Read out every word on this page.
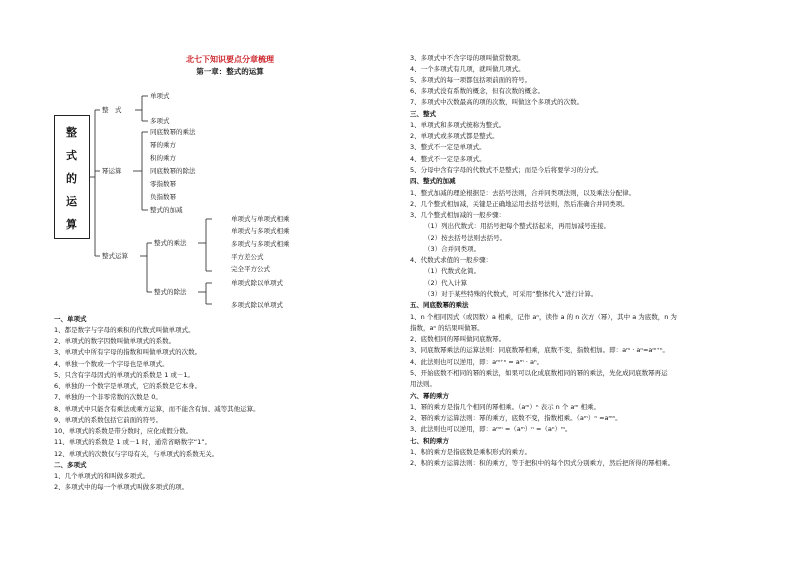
北七下知识要点分章梳理
第一章：整式的运算
整
式
的
运
算
整　式
幂运算
整式运算
单项式
多项式
同底数幂的乘法
幂的乘方
积的乘方
同底数幂的除法
零指数幂
负指数幂
整式的加减
整式的乘法
整式的除法
单项式与单项式相乘
单项式与多项式相乘
多项式与多项式相乘
平方差公式
完全平方公式
单项式除以单项式
多项式除以单项式
一、单项式
1、都是数字与字母的乘积的代数式叫做单项式。
2、单项式的数字因数叫做单项式的系数。
3、单项式中所有字母的指数和叫做单项式的次数。
4、单独一个数或一个字母也是单项式。
5、只含有字母因式的单项式的系数是 1 或－1。
6、单独的一个数字是单项式，它的系数是它本身。
7、单独的一个非零常数的次数是 0。
8、单项式中只能含有乘法或乘方运算，而不能含有加、减等其他运算。
9、单项式的系数包括它前面的符号。
10、单项式的系数是带分数时，应化成假分数。
11、单项式的系数是 1 或－1 时，通常省略数字“1”。
12、单项式的次数仅与字母有关，与单项式的系数无关。
二、多项式
1、几个单项式的和叫做多项式。
2、多项式中的每一个单项式叫做多项式的项。
3、多项式中不含字母的项叫做常数项。
4、一个多项式有几项，就叫做几项式。
5、多项式的每一项都包括项前面的符号。
6、多项式没有系数的概念，但有次数的概念。
7、多项式中次数最高的项的次数，叫做这个多项式的次数。
三、整式
1、单项式和多项式统称为整式。
2、单项式或多项式都是整式。
3、整式不一定是单项式。
4、整式不一定是多项式。
5、分母中含有字母的代数式不是整式；而是今后将要学习的分式。
四、整式的加减
1、整式加减的理论根据是：去括号法则，合并同类项法则，以及乘法分配律。
2、几个整式相加减，关键是正确地运用去括号法则，然后准确合并同类项。
3、几个整式相加减的一般步骤：
（1）列出代数式：用括号把每个整式括起来，再用加减号连接。
（2）按去括号法则去括号。
（3）合并同类项。
4、代数式求值的一般步骤：
（1）代数式化简。
（2）代入计算
（3）对于某些特殊的代数式，可采用“整体代入”进行计算。
五、同底数幂的乘法
1、n 个相同因式（或因数）a 相乘，记作 aⁿ，读作 a 的 n 次方（幂），其中 a 为底数，n 为
指数，aⁿ 的结果叫做幂。
2、底数相同的幂叫做同底数幂。
3、同底数幂乘法的运算法则：同底数幂相乘，底数不变，指数相加。即：aᵐ · aⁿ=aᵐ⁺ⁿ。
4、此法则也可以逆用，即：aᵐ⁺ⁿ = aᵐ · aⁿ。
5、开始底数不相同的幂的乘法，如果可以化成底数相同的幂的乘法，先化成同底数幂再运
用法则。
六、幂的乘方
1、幂的乘方是指几个相同的幂相乘。（aᵐ）ⁿ 表示 n 个 aᵐ 相乘。
2、幂的乘方运算法则：幂的乘方，底数不变，指数相乘。（aᵐ）ⁿ =aᵐⁿ。
3、此法则也可以逆用，即：aᵐⁿ =（aᵐ）ⁿ =（aⁿ）ᵐ。
七、积的乘方
1、积的乘方是指底数是乘积形式的乘方。
2、积的乘方运算法则：积的乘方，等于把积中的每个因式分别乘方，然后把所得的幂相乘。
